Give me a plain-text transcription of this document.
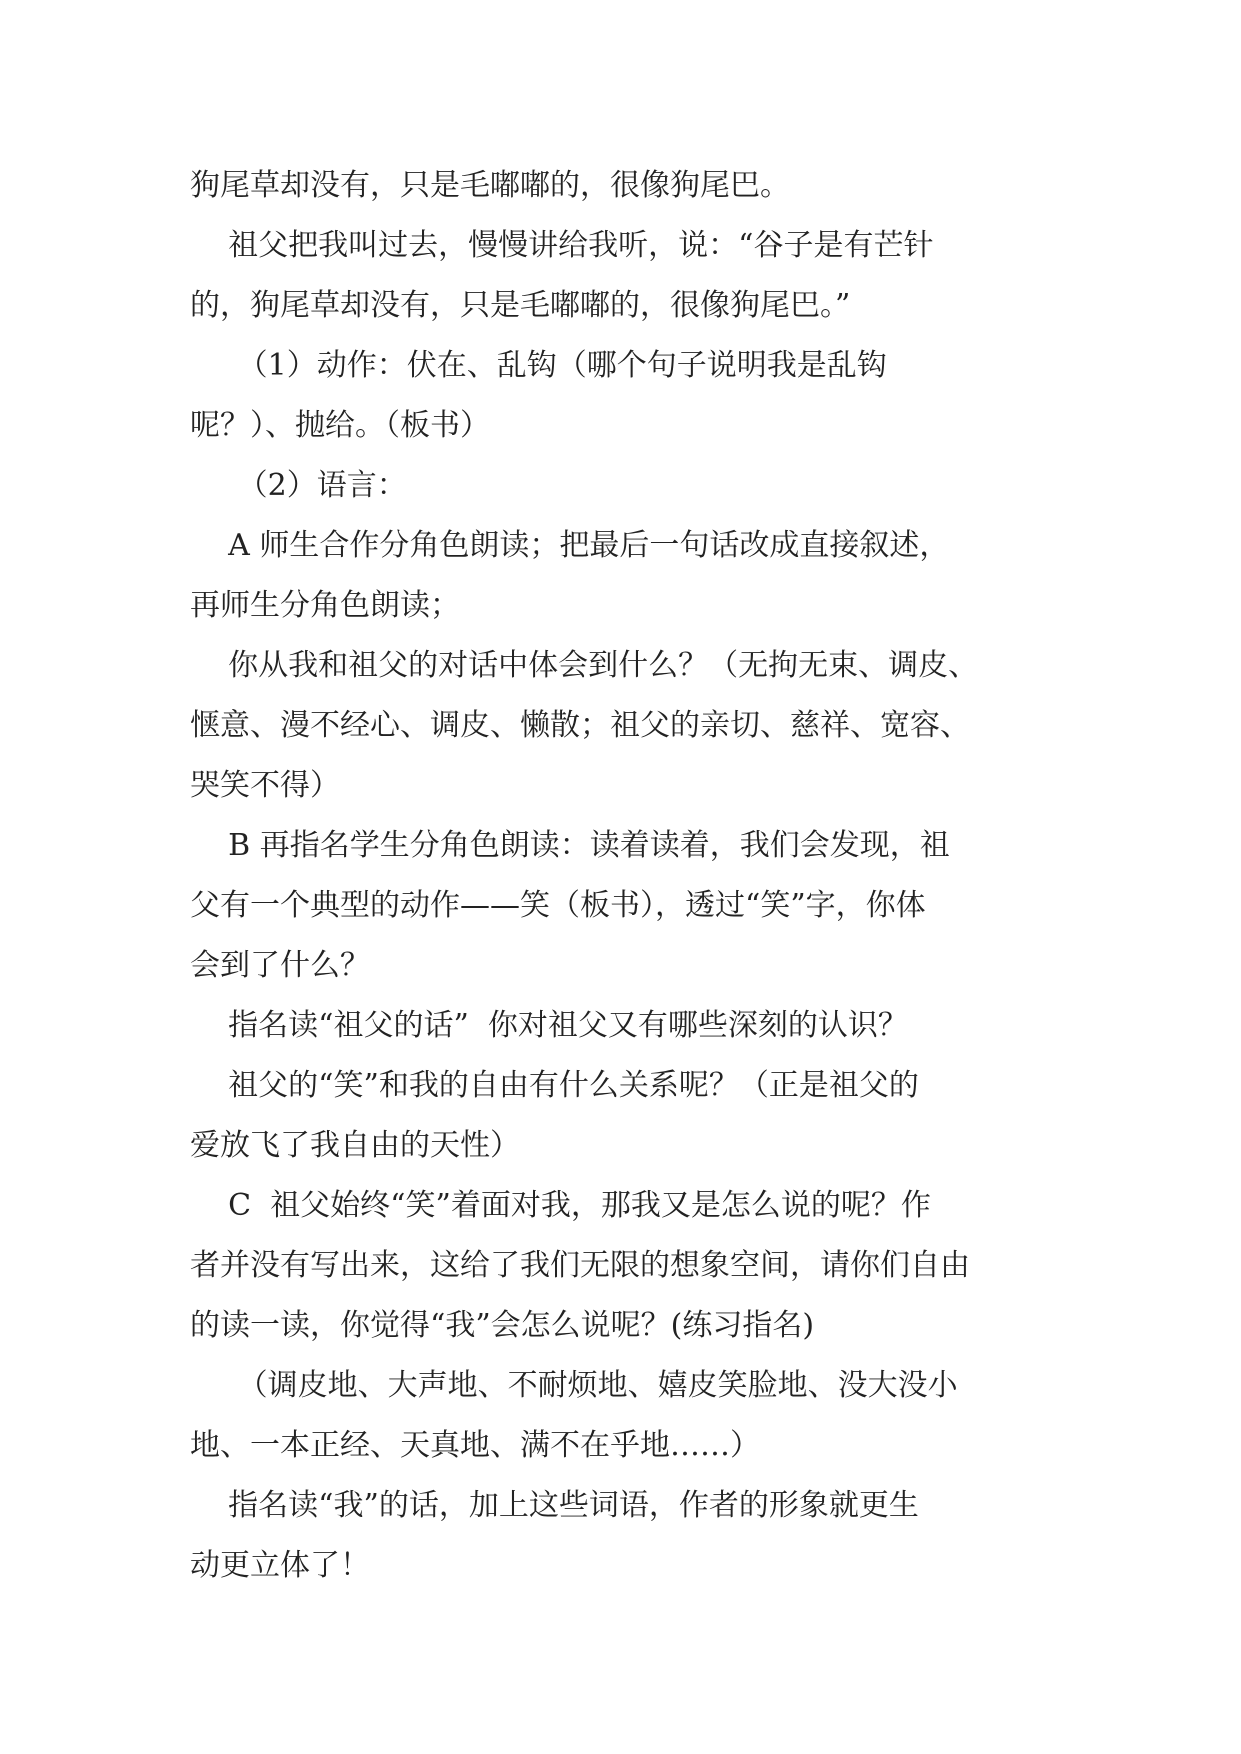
狗尾草却没有，只是毛嘟嘟的，很像狗尾巴。
祖父把我叫过去，慢慢讲给我听，说：“谷子是有芒针
的，狗尾草却没有，只是毛嘟嘟的，很像狗尾巴。”
（1）动作：伏在、乱钩（哪个句子说明我是乱钩
呢？）、抛给。（板书）
（2）语言：
A 师生合作分角色朗读；把最后一句话改成直接叙述，
再师生分角色朗读；
你从我和祖父的对话中体会到什么？（无拘无束、调皮、
惬意、漫不经心、调皮、懒散；祖父的亲切、慈祥、宽容、
哭笑不得）
B 再指名学生分角色朗读：读着读着，我们会发现，祖
父有一个典型的动作——笑（板书），透过“笑”字，你体
会到了什么？
指名读“祖父的话”  你对祖父又有哪些深刻的认识？
祖父的“笑”和我的自由有什么关系呢？（正是祖父的
爱放飞了我自由的天性）
C  祖父始终“笑”着面对我，那我又是怎么说的呢？作
者并没有写出来，这给了我们无限的想象空间，请你们自由
的读一读，你觉得“我”会怎么说呢？(练习指名)
（调皮地、大声地、不耐烦地、嬉皮笑脸地、没大没小
地、一本正经、天真地、满不在乎地……）
指名读“我”的话，加上这些词语，作者的形象就更生
动更立体了！
